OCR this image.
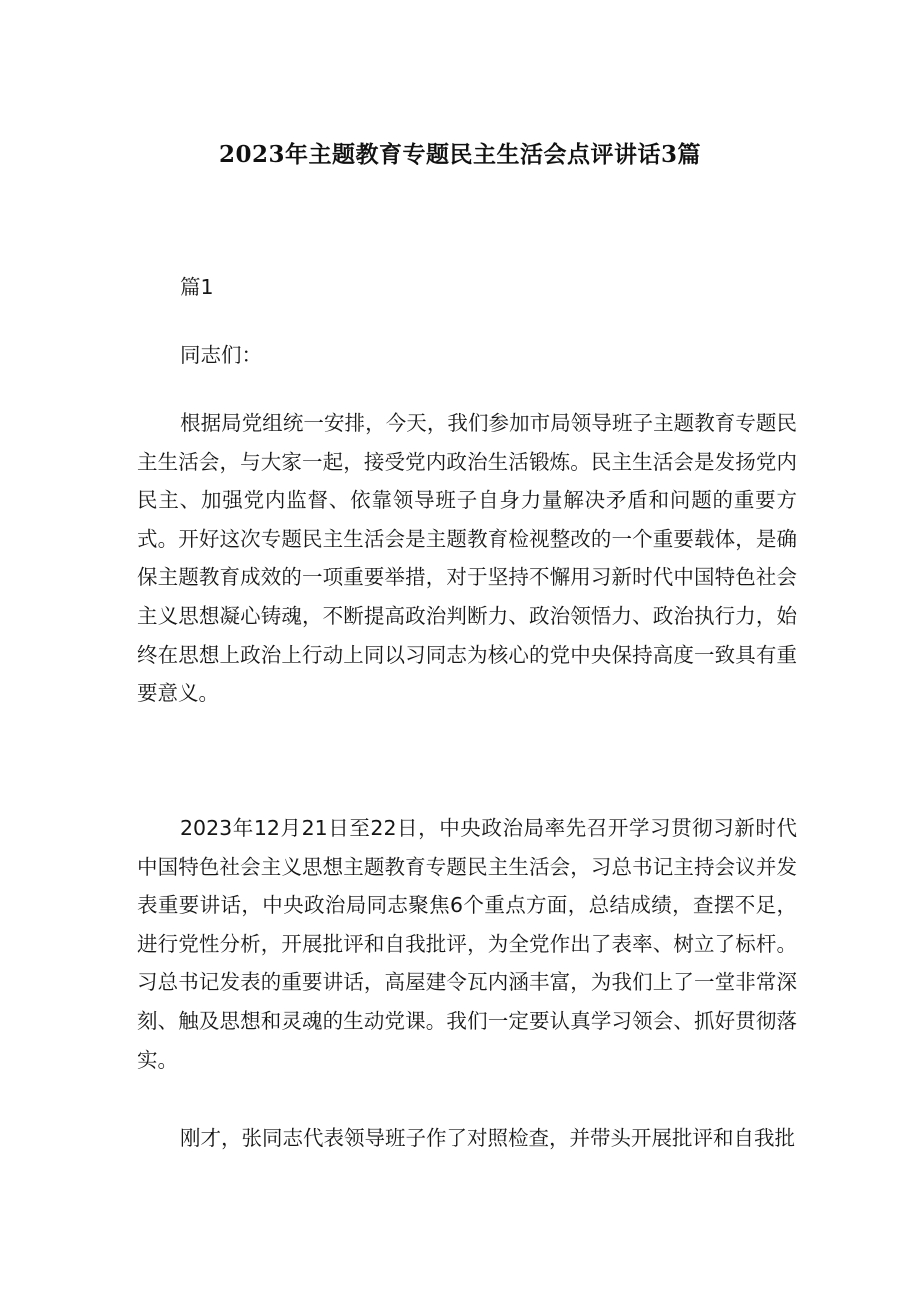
2023年主题教育专题民主生活会点评讲话3篇
篇1
同志们：

根据局党组统一安排，今天，我们参加市局领导班子主题教育专题民主生活会，与大家一起，接受党内政治生活锻炼。民主生活会是发扬党内民主、加强党内监督、依靠领导班子自身力量解决矛盾和问题的重要方式。开好这次专题民主生活会是主题教育检视整改的一个重要载体，是确保主题教育成效的一项重要举措，对于坚持不懈用习新时代中国特色社会主义思想凝心铸魂，不断提高政治判断力、政治领悟力、政治执行力，始终在思想上政治上行动上同以习同志为核心的党中央保持高度一致具有重要意义。

2023年12月21日至22日，中央政治局率先召开学习贯彻习新时代中国特色社会主义思想主题教育专题民主生活会，习总书记主持会议并发表重要讲话，中央政治局同志聚焦6个重点方面，总结成绩，查摆不足，进行党性分析，开展批评和自我批评，为全党作出了表率、树立了标杆。习总书记发表的重要讲话，高屋建令瓦内涵丰富，为我们上了一堂非常深刻、触及思想和灵魂的生动党课。我们一定要认真学习领会、抓好贯彻落实。

刚才，张同志代表领导班子作了对照检查，并带头开展批评和自我批
